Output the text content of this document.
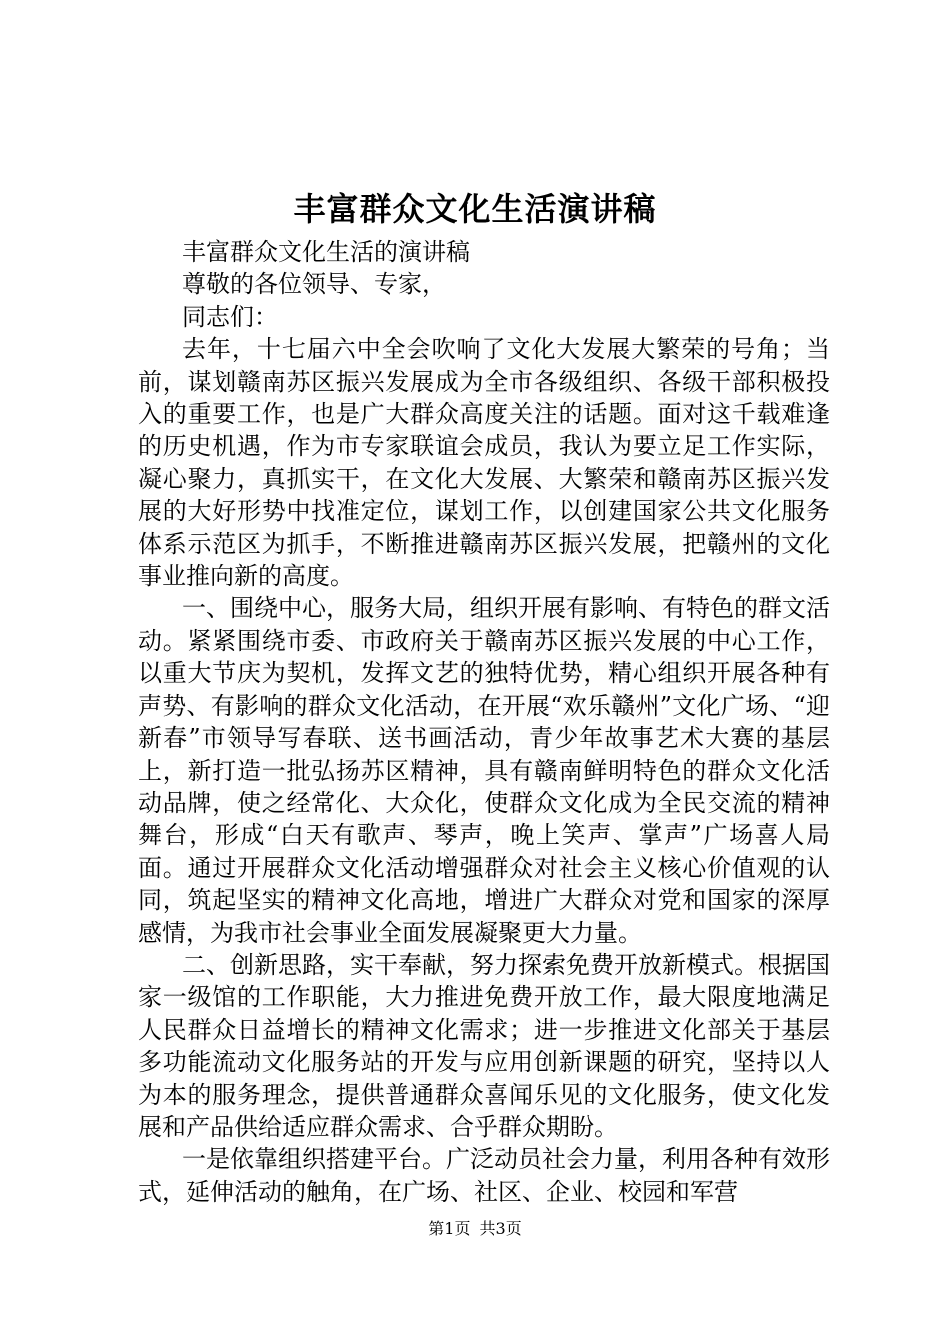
丰富群众文化生活演讲稿

丰富群众文化生活的演讲稿

尊敬的各位领导、专家，

同志们：

去年，十七届六中全会吹响了文化大发展大繁荣的号角；当前，谋划赣南苏区振兴发展成为全市各级组织、各级干部积极投入的重要工作，也是广大群众高度关注的话题。面对这千载难逢的历史机遇，作为市专家联谊会成员，我认为要立足工作实际，凝心聚力，真抓实干，在文化大发展、大繁荣和赣南苏区振兴发展的大好形势中找准定位，谋划工作，以创建国家公共文化服务体系示范区为抓手，不断推进赣南苏区振兴发展，把赣州的文化事业推向新的高度。

一、围绕中心，服务大局，组织开展有影响、有特色的群文活动。紧紧围绕市委、市政府关于赣南苏区振兴发展的中心工作，以重大节庆为契机，发挥文艺的独特优势，精心组织开展各种有声势、有影响的群众文化活动，在开展“欢乐赣州”文化广场、“迎新春”市领导写春联、送书画活动，青少年故事艺术大赛的基层上，新打造一批弘扬苏区精神，具有赣南鲜明特色的群众文化活动品牌，使之经常化、大众化，使群众文化成为全民交流的精神舞台，形成“白天有歌声、琴声，晚上笑声、掌声”广场喜人局面。通过开展群众文化活动增强群众对社会主义核心价值观的认同，筑起坚实的精神文化高地，增进广大群众对党和国家的深厚感情，为我市社会事业全面发展凝聚更大力量。

二、创新思路，实干奉献，努力探索免费开放新模式。根据国家一级馆的工作职能，大力推进免费开放工作，最大限度地满足人民群众日益增长的精神文化需求；进一步推进文化部关于基层多功能流动文化服务站的开发与应用创新课题的研究，坚持以人为本的服务理念，提供普通群众喜闻乐见的文化服务，使文化发展和产品供给适应群众需求、合乎群众期盼。

一是依靠组织搭建平台。广泛动员社会力量，利用各种有效形式，延伸活动的触角，在广场、社区、企业、校园和军营

第1页 共3页
